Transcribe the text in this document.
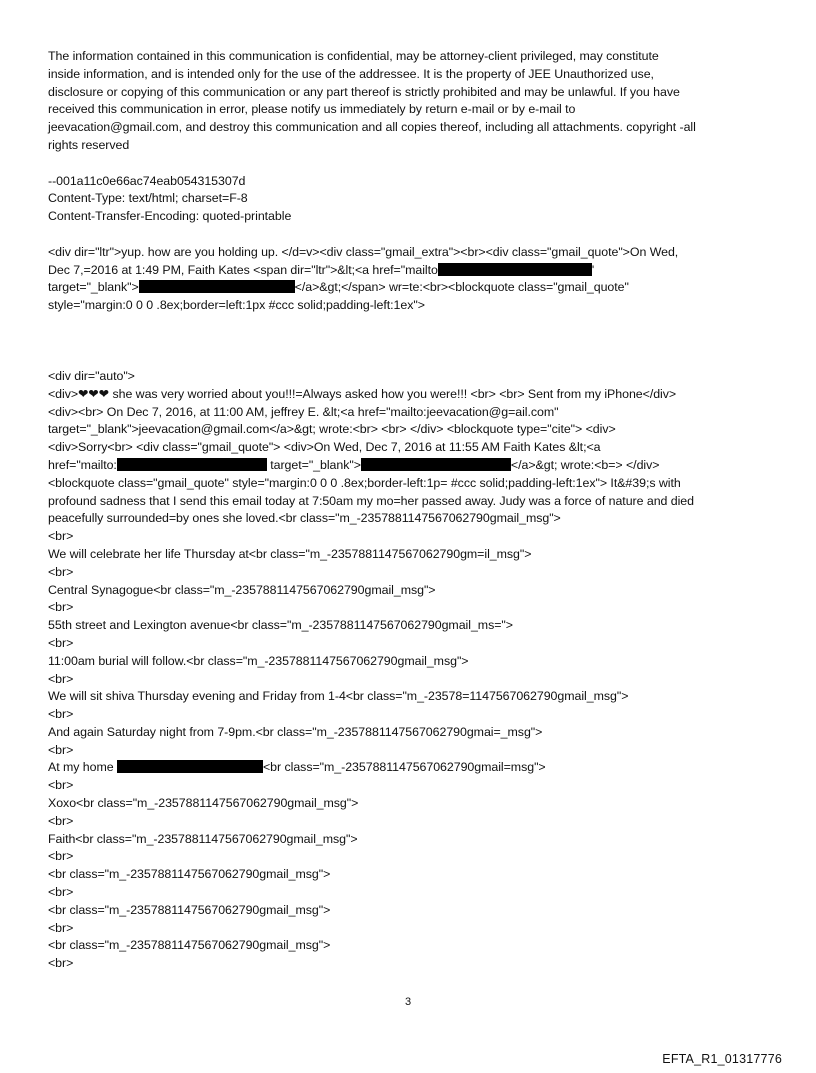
The information contained in this communication is confidential, may be attorney-client privileged, may constitute
inside information, and is intended only for the use of the addressee. It is the property of JEE Unauthorized use,
disclosure or copying of this communication or any part thereof is strictly prohibited and may be unlawful. If you have
received this communication in error, please notify us immediately by return e-mail or by e-mail to
jeevacation@gmail.com, and destroy this communication and all copies thereof, including all attachments. copyright -all
rights reserved
--001a11c0e66ac74eab054315307d
Content-Type: text/html; charset=F-8
Content-Transfer-Encoding: quoted-printable
<div dir="ltr">yup. how are you holding up. </d=v><div class="gmail_extra"><br><div class="gmail_quote">On Wed,
Dec 7,=2016 at 1:49 PM, Faith Kates <span dir="ltr">&lt;<a href="mailto	'
target="_blank">	</a>&gt;</span> wr=te:<br><blockquote class="gmail_quote"
style="margin:0 0 0 .8ex;border=left:1px #ccc solid;padding-left:1ex">
<div dir="auto">
<div>❤❤❤ she was very worried about you!!!=Always asked how you were!!! <br> <br> Sent from my iPhone</div>
<div><br> On Dec 7, 2016, at 11:00 AM, jeffrey E. &lt;<a href="mailto:jeevacation@g=ail.com"
target="_blank">jeevacation@gmail.com</a>&gt; wrote:<br> <br> </div> <blockquote type="cite"> <div>
<div>Sorry<br> <div class="gmail_quote"> <div>On Wed, Dec 7, 2016 at 11:55 AM Faith Kates &lt;<a
href="mailto:	target="_blank">	</a>&gt; wrote:<b=> </div>
<blockquote class="gmail_quote" style="margin:0 0 0 .8ex;border-left:1p= #ccc solid;padding-left:1ex"> It&#39;s with
profound sadness that I send this email today at 7:50am my mo=her passed away. Judy was a force of nature and died
peacefully surrounded=by ones she loved.<br class="m_-2357881147567062790gmail_msg">
<br>
We will celebrate her life Thursday at<br class="m_-2357881147567062790gm=il_msg">
<br>
Central Synagogue<br class="m_-2357881147567062790gmail_msg">
<br>
55th street and Lexington avenue<br class="m_-2357881147567062790gmail_ms=">
<br>
11:00am burial will follow.<br class="m_-2357881147567062790gmail_msg">
<br>
We will sit shiva Thursday evening and Friday from 1-4<br class="m_-23578=1147567062790gmail_msg">
<br>
And again Saturday night from 7-9pm.<br class="m_-2357881147567062790gmai=_msg">
<br>
At my home	<br class="m_-2357881147567062790gmail=msg">
<br>
Xoxo<br class="m_-2357881147567062790gmail_msg">
<br>
Faith<br class="m_-2357881147567062790gmail_msg">
<br>
<br class="m_-2357881147567062790gmail_msg">
<br>
<br class="m_-2357881147567062790gmail_msg">
<br>
<br class="m_-2357881147567062790gmail_msg">
<br>
3
EFTA_R1_01317776
